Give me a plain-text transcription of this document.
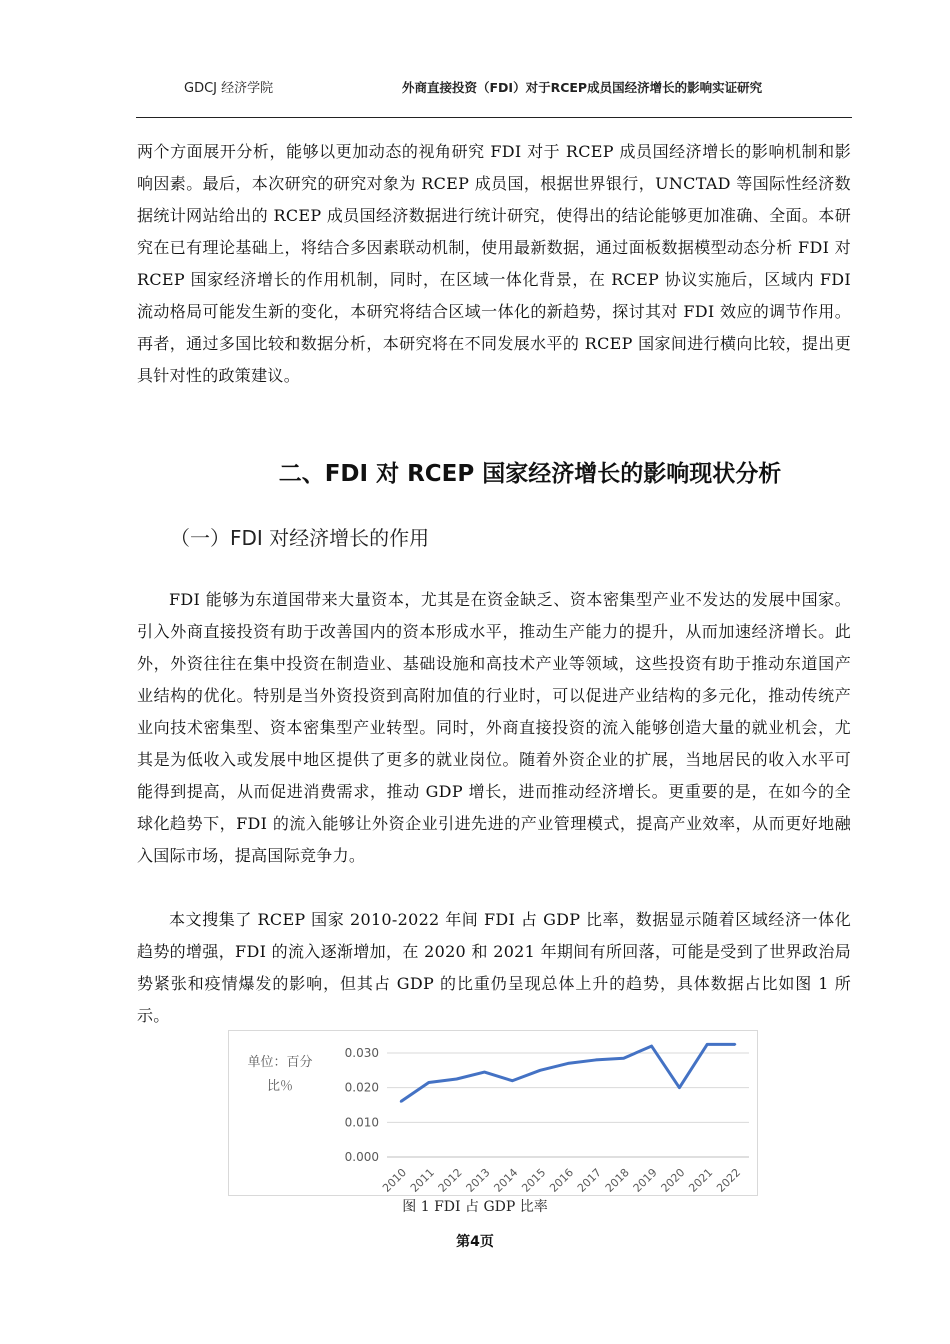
GDCJ 经济学院	外商直接投资（FDI）对于RCEP成员国经济增长的影响实证研究

两个方面展开分析，能够以更加动态的视角研究 FDI 对于 RCEP 成员国经济增长的影响机制和影响因素。最后，本次研究的研究对象为 RCEP 成员国，根据世界银行，UNCTAD 等国际性经济数据统计网站给出的 RCEP 成员国经济数据进行统计研究，使得出的结论能够更加准确、全面。本研究在已有理论基础上，将结合多因素联动机制，使用最新数据，通过面板数据模型动态分析 FDI 对 RCEP 国家经济增长的作用机制，同时，在区域一体化背景，在 RCEP 协议实施后，区域内 FDI 流动格局可能发生新的变化，本研究将结合区域一体化的新趋势，探讨其对 FDI 效应的调节作用。再者，通过多国比较和数据分析，本研究将在不同发展水平的 RCEP 国家间进行横向比较，提出更具针对性的政策建议。

二、FDI 对 RCEP 国家经济增长的影响现状分析
（一）FDI 对经济增长的作用

FDI 能够为东道国带来大量资本，尤其是在资金缺乏、资本密集型产业不发达的发展中国家。引入外商直接投资有助于改善国内的资本形成水平，推动生产能力的提升，从而加速经济增长。此外，外资往往在集中投资在制造业、基础设施和高技术产业等领域，这些投资有助于推动东道国产业结构的优化。特别是当外资投资到高附加值的行业时，可以促进产业结构的多元化，推动传统产业向技术密集型、资本密集型产业转型。同时，外商直接投资的流入能够创造大量的就业机会，尤其是为低收入或发展中地区提供了更多的就业岗位。随着外资企业的扩展，当地居民的收入水平可能得到提高，从而促进消费需求，推动 GDP 增长，进而推动经济增长。更重要的是，在如今的全球化趋势下，FDI 的流入能够让外资企业引进先进的产业管理模式，提高产业效率，从而更好地融入国际市场，提高国际竞争力。

本文搜集了 RCEP 国家 2010-2022 年间 FDI 占 GDP 比率，数据显示随着区域经济一体化趋势的增强，FDI 的流入逐渐增加，在 2020 和 2021 年期间有所回落，可能是受到了世界政治局势紧张和疫情爆发的影响，但其占 GDP 的比重仍呈现总体上升的趋势，具体数据占比如图 1 所示。

单位：百分
比％
0.000
0.010
0.020
0.030
2010
2011
2012
2013
2014
2015
2016
2017
2018
2019
2020
2021
2022
图 1 FDI 占 GDP 比率
第4页
